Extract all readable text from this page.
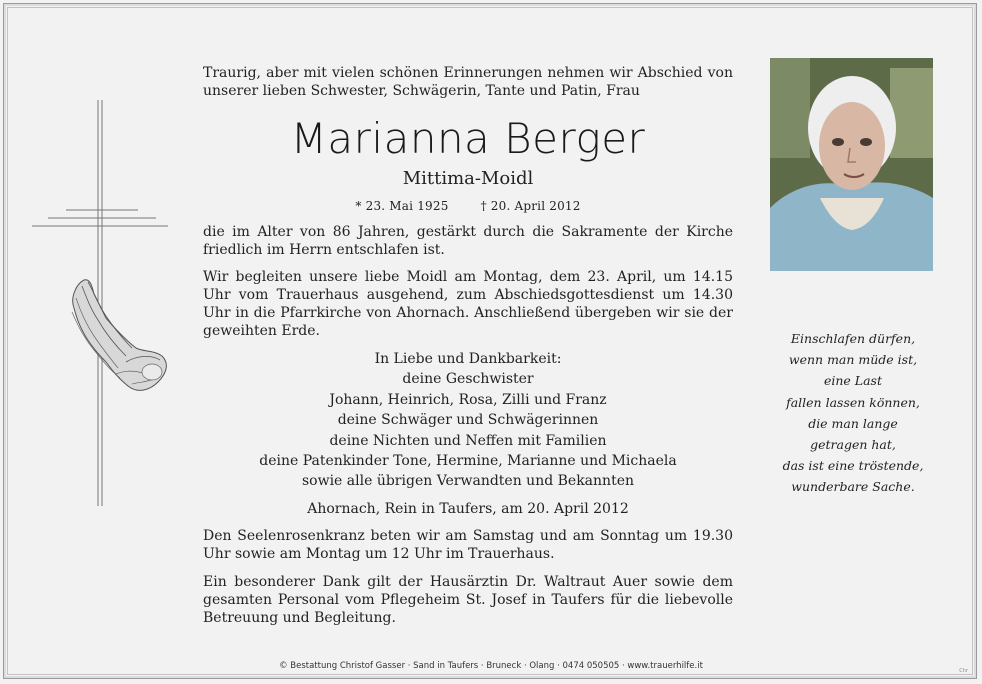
Traurig, aber mit vielen schönen Erinnerungen nehmen wir Abschied von unserer lieben Schwester, Schwägerin, Tante und Patin, Frau

Marianna Berger

Mittima-Moidl

* 23. Mai 1925	† 20. April 2012

die im Alter von 86 Jahren, gestärkt durch die Sakramente der Kirche friedlich im Herrn entschlafen ist.

Wir begleiten unsere liebe Moidl am Montag, dem 23. April, um 14.15 Uhr vom Trauerhaus ausgehend, zum Abschiedsgottesdienst um 14.30 Uhr in die Pfarrkirche von Ahornach. Anschließend übergeben wir sie der geweihten Erde.

In Liebe und Dankbarkeit:
deine Geschwister
Johann, Heinrich, Rosa, Zilli und Franz
deine Schwäger und Schwägerinnen
deine Nichten und Neffen mit Familien
deine Patenkinder Tone, Hermine, Marianne und Michaela
sowie alle übrigen Verwandten und Bekannten

Ahornach, Rein in Taufers, am 20. April 2012

Den Seelenrosenkranz beten wir am Samstag und am Sonntag um 19.30 Uhr sowie am Montag um 12 Uhr im Trauerhaus.

Ein besonderer Dank gilt der Hausärztin Dr. Waltraut Auer sowie dem gesamten Personal vom Pflegeheim St. Josef in Taufers für die liebevolle Betreuung und Begleitung.

Einschlafen dürfen,
wenn man müde ist,
eine Last
fallen lassen können,
die man lange
getragen hat,
das ist eine tröstende,
wunderbare Sache.
© Bestattung Christof Gasser · Sand in Taufers · Bruneck · Olang · 0474 050505 · www.trauerhilfe.it	Chr
